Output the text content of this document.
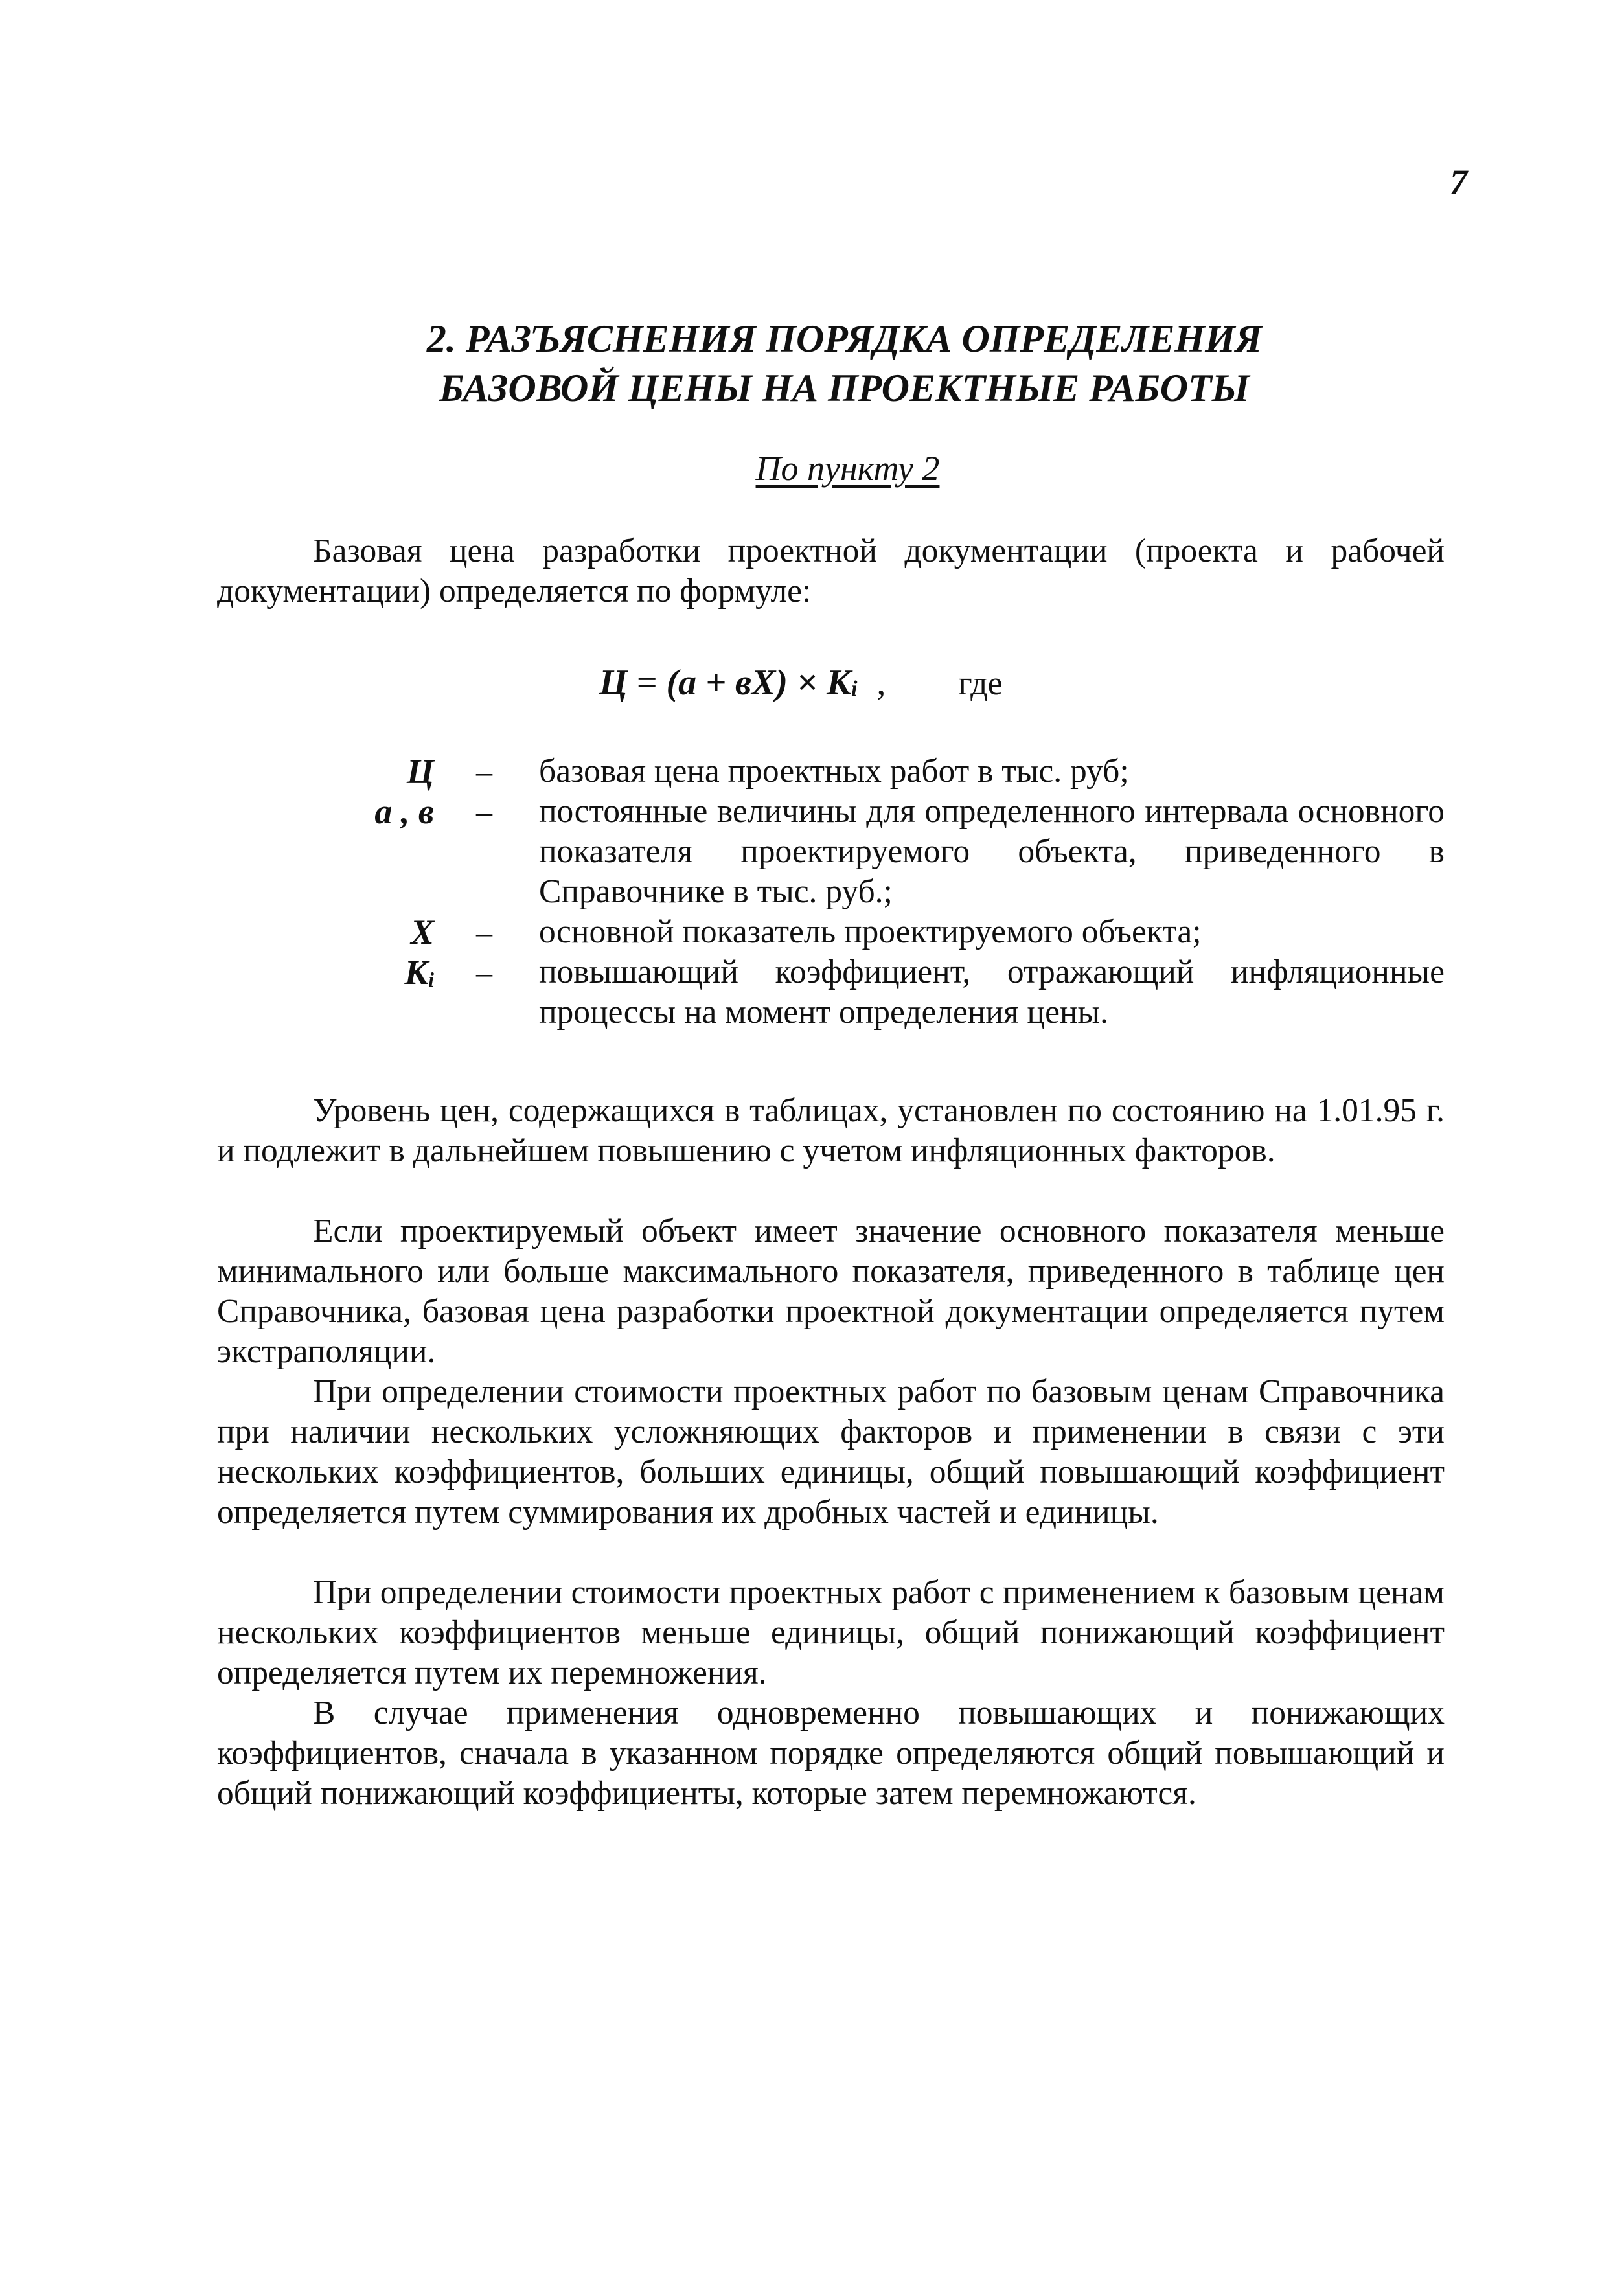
7
2. РАЗЪЯСНЕНИЯ ПОРЯДКА ОПРЕДЕЛЕНИЯ
БАЗОВОЙ ЦЕНЫ НА ПРОЕКТНЫЕ РАБОТЫ
По пункту 2

Базовая цена разработки проектной документации (проекта и рабочей документации) определяется по формуле:

$Ц = (а + вХ) \times К_i$ , где
Ц – базовая цена проектных работ в тыс. руб;
а , в – постоянные величины для определенного интервала основного показателя проектируемого объекта, приведенного в Справочнике в тыс. руб.;
Х – основной показатель проектируемого объекта;
$К_i$ – повышающий коэффициент, отражающий инфляционные процессы на момент определения цены.

Уровень цен, содержащихся в таблицах, установлен по состоянию на 1.01.95 г. и подлежит в дальнейшем повышению с учетом инфляционных факторов.

Если проектируемый объект имеет значение основного показателя меньше минимального или больше максимального показателя, приведенного в таблице цен Справочника, базовая цена разработки проектной документации определяется путем экстраполяции.

При определении стоимости проектных работ по базовым ценам Справочника при наличии нескольких усложняющих факторов и применении в связи с эти нескольких коэффициентов, больших единицы, общий повышающий коэффициент определяется путем суммирования их дробных частей и единицы.

При определении стоимости проектных работ с применением к базовым ценам нескольких коэффициентов меньше единицы, общий понижающий коэффициент определяется путем их перемножения.

В случае применения одновременно повышающих и понижающих коэффициентов, сначала в указанном порядке определяются общий повышающий и общий понижающий коэффициенты, которые затем перемножаются.
